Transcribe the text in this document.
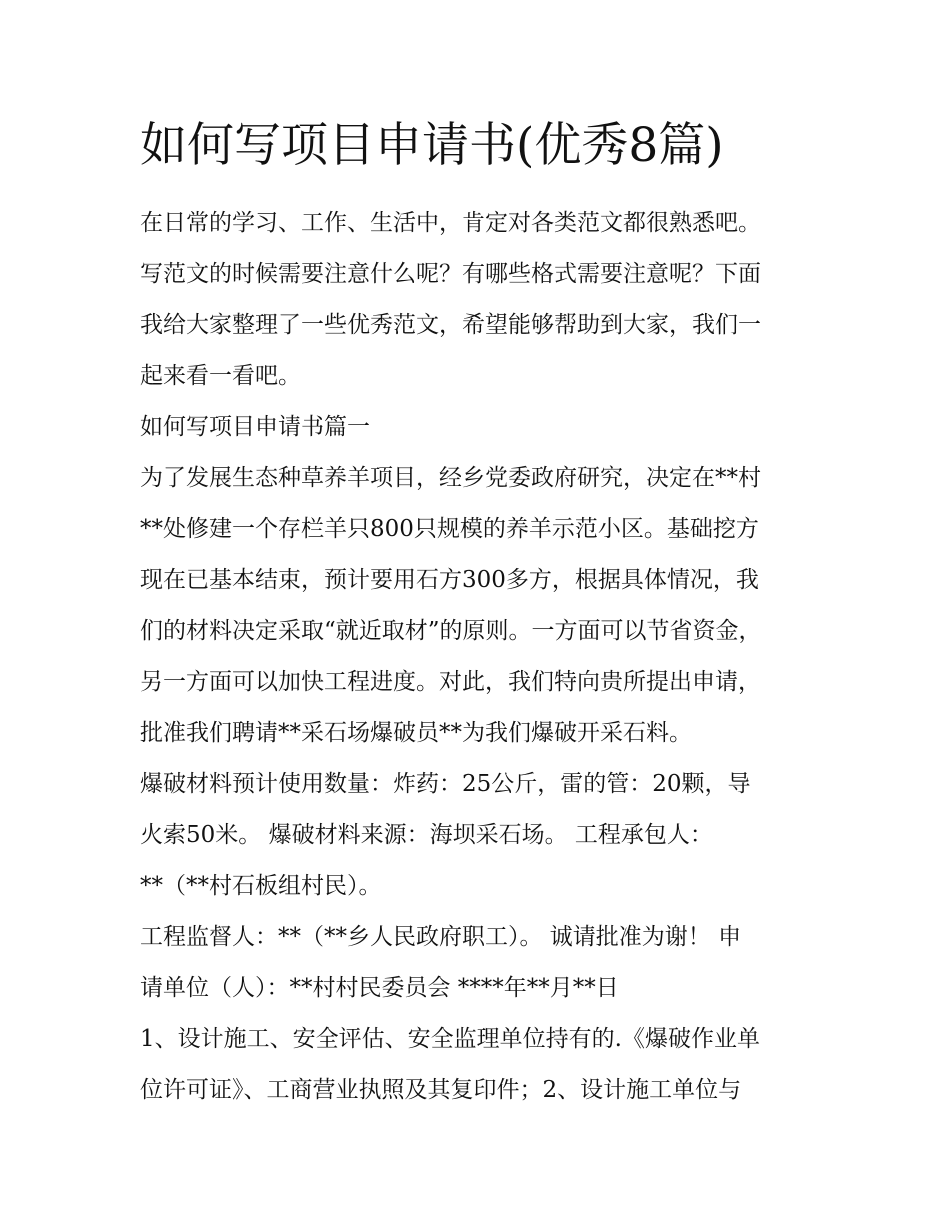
如何写项目申请书(优秀8篇)

在日常的学习、工作、生活中，肯定对各类范文都很熟悉吧。

写范文的时候需要注意什么呢？有哪些格式需要注意呢？下面

我给大家整理了一些优秀范文，希望能够帮助到大家，我们一

起来看一看吧。

如何写项目申请书篇一

为了发展生态种草养羊项目，经乡党委政府研究，决定在**村

**处修建一个存栏羊只800只规模的养羊示范小区。基础挖方

现在已基本结束，预计要用石方300多方，根据具体情况，我

们的材料决定采取“就近取材”的原则。一方面可以节省资金，

另一方面可以加快工程进度。对此，我们特向贵所提出申请，

批准我们聘请**采石场爆破员**为我们爆破开采石料。

爆破材料预计使用数量：炸药：25公斤，雷的管：20颗，导

火索50米。 爆破材料来源：海坝采石场。 工程承包人：

**（**村石板组村民）。

工程监督人：**（**乡人民政府职工）。 诚请批准为谢！ 申

请单位（人）：**村村民委员会 ****年**月**日

1、设计施工、安全评估、安全监理单位持有的.《爆破作业单

位许可证》、工商营业执照及其复印件；2、设计施工单位与
